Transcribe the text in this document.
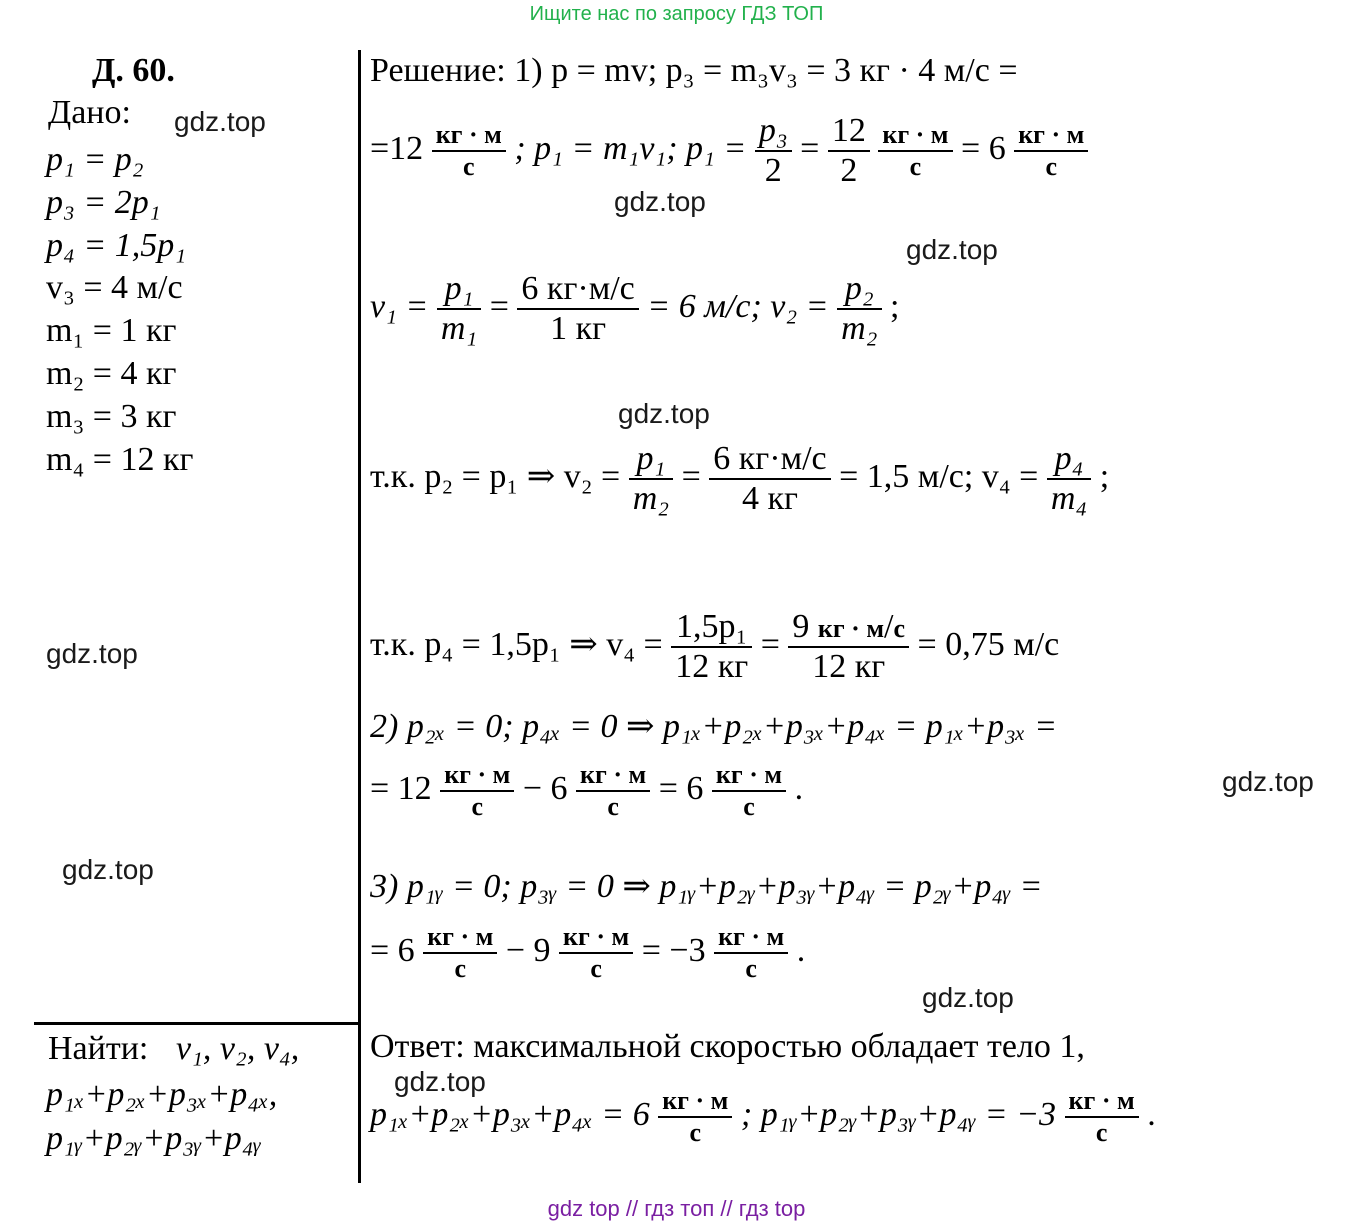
Ищите нас по запросу ГДЗ ТОП
Д. 60.
Дано:
p₁ = p₂
p₃ = 2p₁
p₄ = 1,5p₁
v₃ = 4 м/с
m₁ = 1 кг
m₂ = 4 кг
m₃ = 3 кг
m₄ = 12 кг
Найти: v₁, v₂, v₄,
p₁ₓ+p₂ₓ+p₃ₓ+p₄ₓ,
p₁ᵧ+p₂ᵧ+p₃ᵧ+p₄ᵧ
Решение: 1) p = mv; p₃ = m₃v₃ = 3 кг · 4 м/с =
$=12 \frac{кг \cdot м}{с}$ ; p₁ = m₁v₁; $p_1 = \frac{\text{p₃}}{2} = \frac{12}{2}$
$\frac{кг \cdot м}{с} = 6 \frac{кг \cdot м}{с}$
$v_1 = \frac{\text{p₁}}{\text{m₁}} = \frac{6 кг\cdot м/с}{1 кг} = 6$ м/с; $v_2 = \frac{\text{p₂}}{\text{m₂}}$ ;
т.к. p₂ = p₁ ⇒ $v_2 = \frac{\text{p₁}}{\text{m₂}} = \frac{6 кг\cdot м/с}{4 кг} = 1,5$ м/с; $v_4 = \frac{\text{p₄}}{\text{m₄}}$ ;
т.к. p₄ = 1,5p₁ ⇒ $v_4 = \frac{\text{1,5p₁}}{12 кг} = \frac{9 кг \cdot м/с}{12 кг} = 0,75$ м/с
2) p₂ₓ = 0; p₄ₓ = 0 ⇒ p₁ₓ+p₂ₓ+p₃ₓ+p₄ₓ = p₁ₓ+p₃ₓ =
= $12 \frac{кг \cdot м}{с} - 6 \frac{кг \cdot м}{с} = 6 \frac{кг \cdot м}{с}$ .
3) p₁ᵧ = 0; p₃ᵧ = 0 ⇒ p₁ᵧ+p₂ᵧ+p₃ᵧ+p₄ᵧ = p₂ᵧ+p₄ᵧ =
= $6 \frac{кг \cdot м}{с} - 9 \frac{кг \cdot м}{с} = -3 \frac{кг \cdot м}{с}$ .
Ответ: максимальной скоростью обладает тело 1,
$p_{1x}+p_{2x}+p_{3x}+p_{4x} = 6 \frac{кг \cdot м}{с}$ ; p₁ᵧ+p₂ᵧ+p₃ᵧ+p₄ᵧ = $-3 \frac{кг \cdot м}{с}$ .
gdz.top
gdz.top
gdz.top
gdz.top
gdz.top
gdz.top
gdz.top
gdz.top
gdz.top
gdz top // гдз топ // гдз top
